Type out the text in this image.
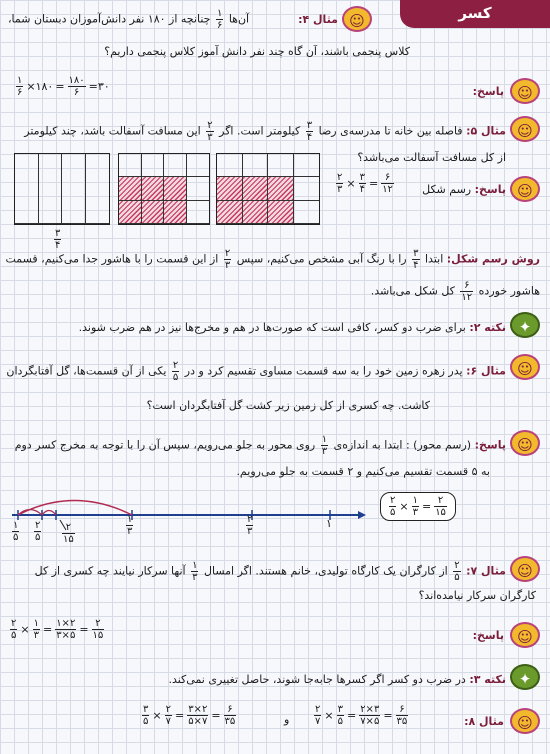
کسر
☺
مثال ۴:
آن‌ها
$\frac{۱}{۶}$
چنانچه از ۱۸۰ نفر دانش‌آموزان دبستان شما،
کلاس پنجمی باشند، آن گاه چند نفر دانش آموز کلاس پنجمی داریم؟
☺
پاسخ:
$\frac{۱}{۶}$ ×۱۸۰ = $\frac{۱۸۰}{۶}$ =۳۰
☺
مثال ۵: فاصله بین خانه تا مدرسه‌ی رضا
$\frac{۳}{۴}$
کیلومتر است. اگر
$\frac{۲}{۳}$
این مسافت آسفالت باشد، چند کیلومتر
از کل مسافت آسفالت می‌باشد؟
☺
پاسخ: رسم شکل
$\frac{۲}{۳} \times \frac{۳}{۴} = \frac{۶}{۱۲}$
$\frac{۳}{۴}$
روش رسم شکل: ابتدا
$\frac{۳}{۴}$
را با رنگ آبی مشخص می‌کنیم، سپس
$\frac{۲}{۳}$
از این قسمت را با هاشور جدا می‌کنیم، قسمت
هاشور خورده
$\frac{۶}{۱۲}$
کل شکل می‌باشد.
✦
نکته ۲: برای ضرب دو کسر، کافی است که صورت‌ها در هم و مخرج‌ها نیز در هم ضرب شوند.
☺
مثال ۶: پدر زهره زمین خود را به سه قسمت مساوی تقسیم کرد و در
$\frac{۲}{۵}$
یکی از آن قسمت‌ها، گل آفتابگردان
کاشت. چه کسری از کل زمین زیر کشت گل آفتابگردان است؟
☺
پاسخ: (رسم محور) : ابتدا به اندازه‌ی
$\frac{۱}{۳}$
روی محور به جلو می‌رویم، سپس آن را با توجه به مخرج کسر دوم
به ۵ قسمت تقسیم می‌کنیم و ۲ قسمت به جلو می‌رویم.
$\frac{۱}{۵} \frac{۲}{۵} \frac{۲}{۱۵}$	$\frac{۱}{۳}$	$\frac{۲}{۳}$	۱
$\frac{۲}{۵} \times \frac{۱}{۳} = \frac{۲}{۱۵}$
☺
مثال ۷:
$\frac{۲}{۵}$
از کارگران یک کارگاه تولیدی، خانم هستند. اگر امسال
$\frac{۱}{۳}$
آنها سرکار نیایند چه کسری از کل
کارگران سرکار نیامده‌اند؟
☺
پاسخ:
$\frac{۲}{۵} \times \frac{۱}{۳} = \frac{۱\times ۲}{۳\times ۵} = \frac{۲}{۱۵}$
✦
نکته ۳: در ضرب دو کسر اگر کسرها جابه‌جا شوند، حاصل تغییری نمی‌کند.
☺
مثال ۸:
$\frac{۲}{۷} \times \frac{۳}{۵} = \frac{۲\times ۳}{۷\times ۵} = \frac{۶}{۳۵}$
و
$\frac{۳}{۵} \times \frac{۲}{۷} = \frac{۳\times ۲}{۵\times ۷} = \frac{۶}{۳۵}$
